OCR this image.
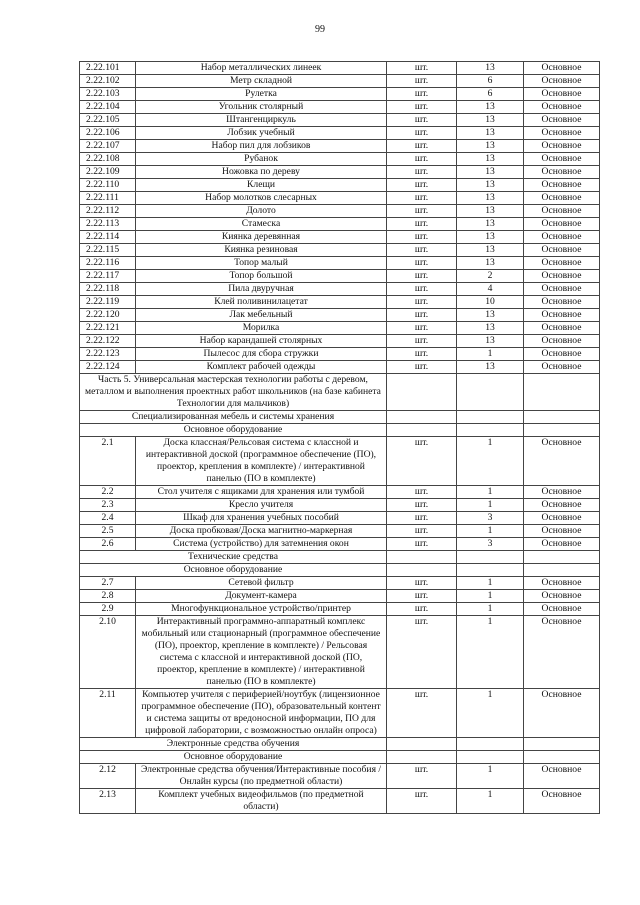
99
2.22.101	Набор металлических линеек	шт.	13	Основное
2.22.102	Метр складной	шт.	6	Основное
2.22.103	Рулетка	шт.	6	Основное
2.22.104	Угольник столярный	шт.	13	Основное
2.22.105	Штангенциркуль	шт.	13	Основное
2.22.106	Лобзик учебный	шт.	13	Основное
2.22.107	Набор пил для лобзиков	шт.	13	Основное
2.22.108	Рубанок	шт.	13	Основное
2.22.109	Ножовка по дереву	шт.	13	Основное
2.22.110	Клещи	шт.	13	Основное
2.22.111	Набор молотков слесарных	шт.	13	Основное
2.22.112	Долото	шт.	13	Основное
2.22.113	Стамеска	шт.	13	Основное
2.22.114	Киянка деревянная	шт.	13	Основное
2.22.115	Киянка резиновая	шт.	13	Основное
2.22.116	Топор малый	шт.	13	Основное
2.22.117	Топор большой	шт.	2	Основное
2.22.118	Пила двуручная	шт.	4	Основное
2.22.119	Клей поливинилацетат	шт.	10	Основное
2.22.120	Лак мебельный	шт.	13	Основное
2.22.121	Морилка	шт.	13	Основное
2.22.122	Набор карандашей столярных	шт.	13	Основное
2.22.123	Пылесос для сбора стружки	шт.	1	Основное
2.22.124	Комплект рабочей одежды	шт.	13	Основное
Часть 5. Универсальная мастерская технологии работы с деревом, металлом и выполнения проектных работ школьников (на базе кабинета Технологии для мальчиков)				
Специализированная мебель и системы хранения				
Основное оборудование				
2.1	Доска классная/Рельсовая система с классной и интерактивной доской (программное обеспечение (ПО), проектор, крепления в комплекте) / интерактивной панелью (ПО в комплекте)	шт.	1	Основное
2.2	Стол учителя с ящиками для хранения или тумбой	шт.	1	Основное
2.3	Кресло учителя	шт.	1	Основное
2.4	Шкаф для хранения учебных пособий	шт.	3	Основное
2.5	Доска пробковая/Доска магнитно-маркерная	шт.	1	Основное
2.6	Система (устройство) для затемнения окон	шт.	3	Основное
Технические средства				
Основное оборудование				
2.7	Сетевой фильтр	шт.	1	Основное
2.8	Документ-камера	шт.	1	Основное
2.9	Многофункциональное устройство/принтер	шт.	1	Основное
2.10	Интерактивный программно-аппаратный комплекс мобильный или стационарный (программное обеспечение (ПО), проектор, крепление в комплекте) / Рельсовая система с классной и интерактивной доской (ПО, проектор, крепление в комплекте) / интерактивной панелью (ПО в комплекте)	шт.	1	Основное
2.11	Компьютер учителя с периферией/ноутбук (лицензионное программное обеспечение (ПО), образовательный контент и система защиты от вредоносной информации, ПО для цифровой лаборатории, с возможностью онлайн опроса)	шт.	1	Основное
Электронные средства обучения				
Основное оборудование				
2.12	Электронные средства обучения/Интерактивные пособия / Онлайн курсы (по предметной области)	шт.	1	Основное
2.13	Комплект учебных видеофильмов (по предметной области)	шт.	1	Основное
